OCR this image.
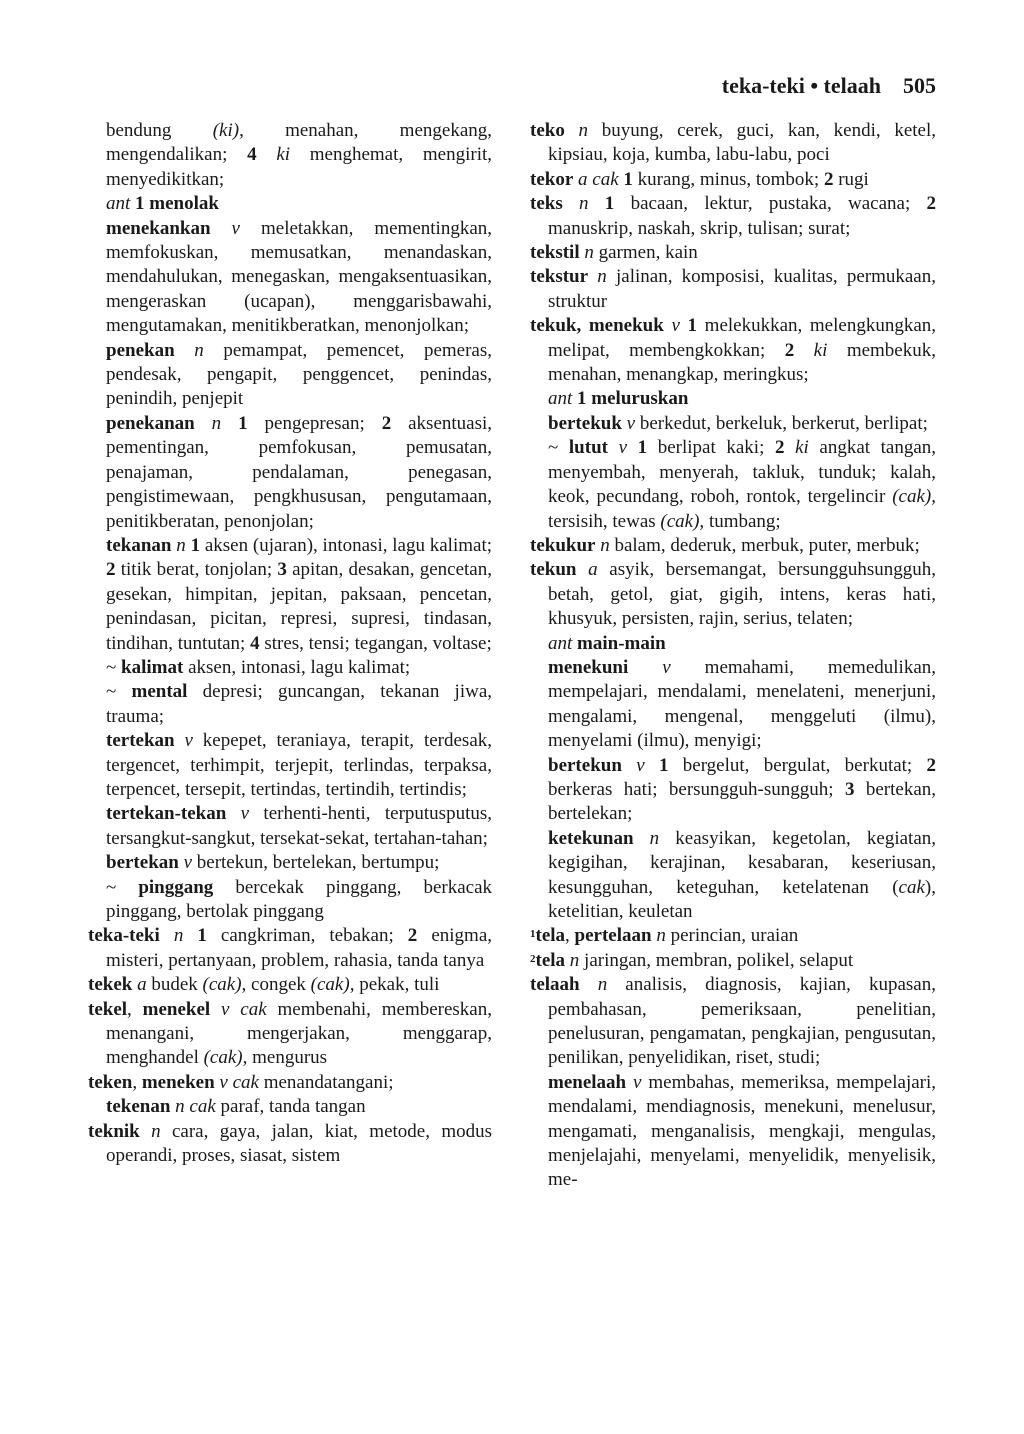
teka-teki • telaah 505
bendung (ki), menahan, mengekang, mengendalikan; 4 ki menghemat, mengirit, menyedikitkan;
ant 1 menolak
menekankan v meletakkan, mementingkan, memfokuskan, memusatkan, menandaskan, mendahulukan, menegaskan, mengaksentuasikan, mengeraskan (ucapan), menggarisbawahi, mengutamakan, menitikberatkan, menonjolkan;
penekan n pemampat, pemencet, pemeras, pendesak, pengapit, penggencet, penindas, penindih, penjepit
penekanan n 1 pengepresan; 2 aksentuasi, pementingan, pemfokusan, pemusatan, penajaman, pendalaman, penegasan, pengistimewaan, pengkhususan, pengutamaan, penitikberatan, penonjolan;
tekanan n 1 aksen (ujaran), intonasi, lagu kalimat; 2 titik berat, tonjolan; 3 apitan, desakan, gencetan, gesekan, himpitan, jepitan, paksaan, pencetan, penindasan, picitan, represi, supresi, tindasan, tindihan, tuntutan; 4 stres, tensi; tegangan, voltase;
~ kalimat aksen, intonasi, lagu kalimat;
~ mental depresi; guncangan, tekanan jiwa, trauma;
tertekan v kepepet, teraniaya, terapit, terdesak, tergencet, terhimpit, terjepit, terlindas, terpaksa, terpencet, tersepit, tertindas, tertindih, tertindis;
tertekan-tekan v terhenti-henti, terputusputus, tersangkut-sangkut, tersekat-sekat, tertahan-tahan;
bertekan v bertekun, bertelekan, bertumpu;
~ pinggang bercekak pinggang, berkacak pinggang, bertolak pinggang
teka-teki n 1 cangkriman, tebakan; 2 enigma, misteri, pertanyaan, problem, rahasia, tanda tanya
tekek a budek (cak), congek (cak), pekak, tuli
tekel, menekel v cak membenahi, membereskan, menangani, mengerjakan, menggarap, menghandel (cak), mengurus
teken, meneken v cak menandatangani;
tekenan n cak paraf, tanda tangan
teknik n cara, gaya, jalan, kiat, metode, modus operandi, proses, siasat, sistem
teko n buyung, cerek, guci, kan, kendi, ketel, kipsiau, koja, kumba, labu-labu, poci
tekor a cak 1 kurang, minus, tombok; 2 rugi
teks n 1 bacaan, lektur, pustaka, wacana; 2 manuskrip, naskah, skrip, tulisan; surat;
tekstil n garmen, kain
tekstur n jalinan, komposisi, kualitas, permukaan, struktur
tekuk, menekuk v 1 melekukkan, melengkungkan, melipat, membengkokkan; 2 ki membekuk, menahan, menangkap, meringkus;
ant 1 meluruskan
bertekuk v berkedut, berkeluk, berkerut, berlipat;
~ lutut v 1 berlipat kaki; 2 ki angkat tangan, menyembah, menyerah, takluk, tunduk; kalah, keok, pecundang, roboh, rontok, tergelincir (cak), tersisih, tewas (cak), tumbang;
tekukur n balam, dederuk, merbuk, puter, merbuk;
tekun a asyik, bersemangat, bersungguhsungguh, betah, getol, giat, gigih, intens, keras hati, khusyuk, persisten, rajin, serius, telaten;
ant main-main
menekuni v memahami, memedulikan, mempelajari, mendalami, menelateni, menerjuni, mengalami, mengenal, menggeluti (ilmu), menyelami (ilmu), menyigi;
bertekun v 1 bergelut, bergulat, berkutat; 2 berkeras hati; bersungguh-sungguh; 3 bertekan, bertelekan;
ketekunan n keasyikan, kegetolan, kegiatan, kegigihan, kerajinan, kesabaran, keseriusan, kesungguhan, keteguhan, ketelatenan (cak), ketelitian, keuletan
$^1$tela, pertelaan n perincian, uraian
$^2$tela n jaringan, membran, polikel, selaput
telaah n analisis, diagnosis, kajian, kupasan, pembahasan, pemeriksaan, penelitian, penelusuran, pengamatan, pengkajian, pengusutan, penilikan, penyelidikan, riset, studi;
menelaah v membahas, memeriksa, mempelajari, mendalami, mendiagnosis, menekuni, menelusur, mengamati, menganalisis, mengkaji, mengulas, menjelajahi, menyelami, menyelidik, menyelisik, me-
